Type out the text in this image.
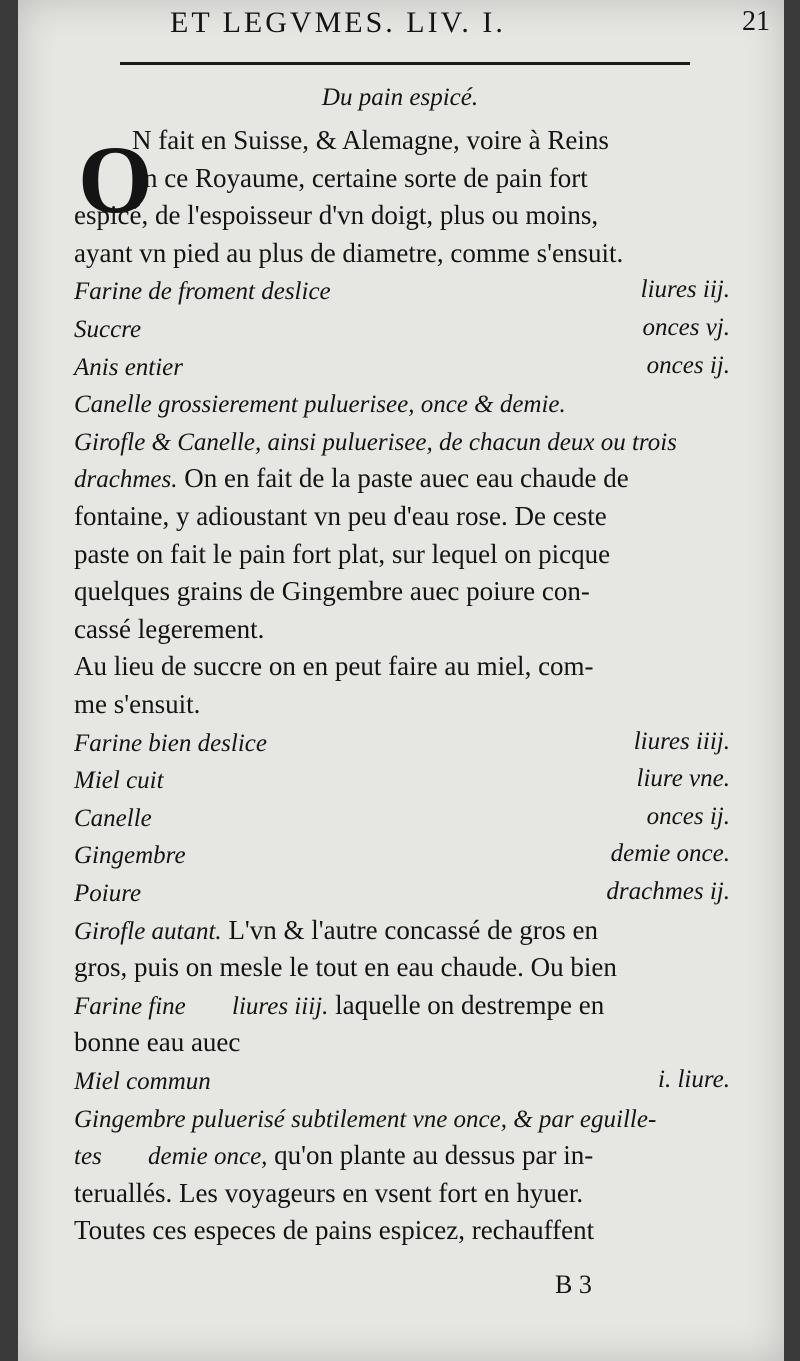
ET LEGVMES. LIV. I.	21
Du pain espicé.
O
N fait en Suisse, & Alemagne, voire à Reins
en ce Royaume, certaine sorte de pain fort
espicé, de l'espoisseur d'vn doigt, plus ou moins,
ayant vn pied au plus de diametre, comme s'ensuit.
Farine de froment deslice	liures iij.
Succre	onces vj.
Anis entier	onces ij.
Canelle grossierement puluerisee, once & demie.
Girofle & Canelle, ainsi puluerisee, de chacun deux ou trois
drachmes. On en fait de la paste auec eau chaude de
fontaine, y adioustant vn peu d'eau rose. De ceste
paste on fait le pain fort plat, sur lequel on picque
quelques grains de Gingembre auec poiure con-
cassé legerement.
Au lieu de succre on en peut faire au miel, com-
me s'ensuit.
Farine bien deslice	liures iiij.
Miel cuit	liure vne.
Canelle	onces ij.
Gingembre	demie once.
Poiure	drachmes ij.
Girofle autant. L'vn & l'autre concassé de gros en
gros, puis on mesle le tout en eau chaude. Ou bien
Farine fine liures iiij. laquelle on destrempe en
bonne eau auec
Miel commun	i. liure.
Gingembre puluerisé subtilement vne once, & par eguille-
tes demie once, qu'on plante au dessus par in-
teruallés. Les voyageurs en vsent fort en hyuer.
Toutes ces especes de pains espicez, rechauffent
B 3
